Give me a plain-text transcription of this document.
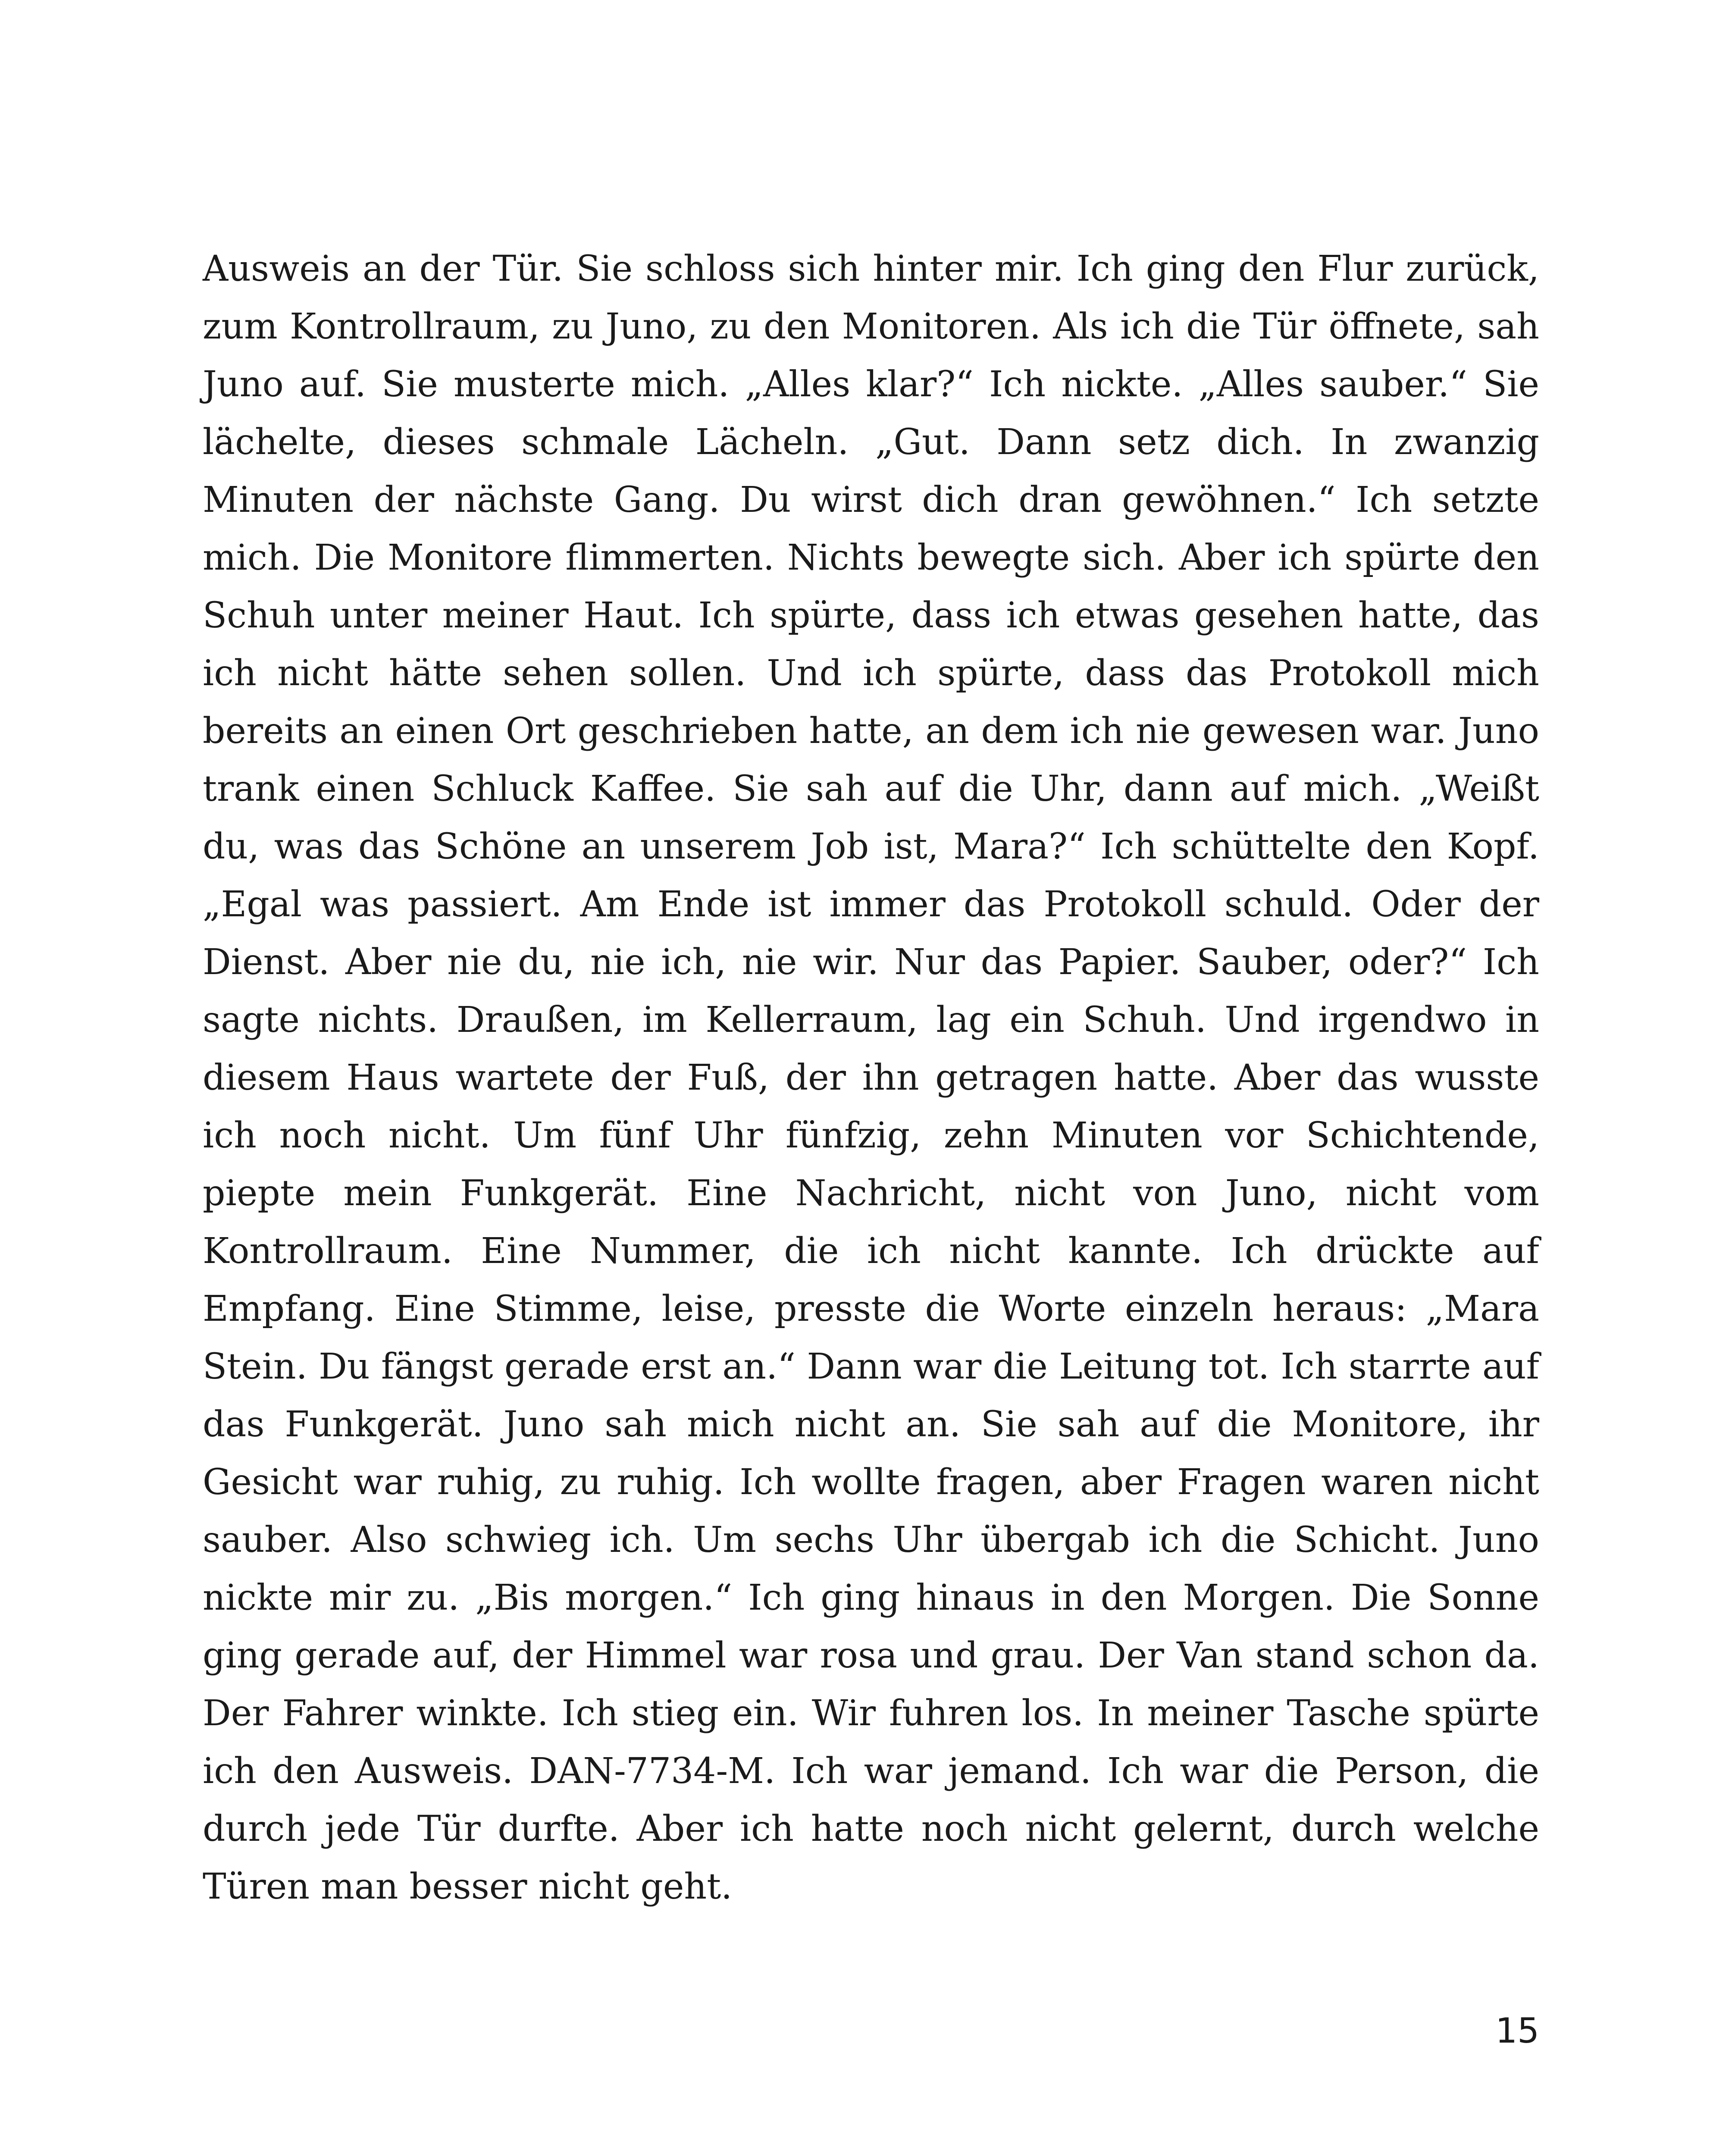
Ausweis an der Tür. Sie schloss sich hinter mir. Ich ging den Flur zurück, zum Kontrollraum, zu Juno, zu den Monitoren. Als ich die Tür öffnete, sah Juno auf. Sie musterte mich. „Alles klar?“ Ich nickte. „Alles sauber.“ Sie lächelte, dieses schmale Lächeln. „Gut. Dann setz dich. In zwanzig Minuten der nächste Gang. Du wirst dich dran gewöhnen.“ Ich setzte mich. Die Monitore flimmerten. Nichts bewegte sich. Aber ich spürte den Schuh unter meiner Haut. Ich spürte, dass ich etwas gesehen hatte, das ich nicht hätte sehen sollen. Und ich spürte, dass das Protokoll mich bereits an einen Ort geschrieben hatte, an dem ich nie gewesen war. Juno trank einen Schluck Kaffee. Sie sah auf die Uhr, dann auf mich. „Weißt du, was das Schöne an unserem Job ist, Mara?“ Ich schüttelte den Kopf. „Egal was passiert. Am Ende ist immer das Protokoll schuld. Oder der Dienst. Aber nie du, nie ich, nie wir. Nur das Papier. Sauber, oder?“ Ich sagte nichts. Draußen, im Kellerraum, lag ein Schuh. Und irgendwo in diesem Haus wartete der Fuß, der ihn getragen hatte. Aber das wusste ich noch nicht. Um fünf Uhr fünfzig, zehn Minuten vor Schichtende, piepte mein Funkgerät. Eine Nachricht, nicht von Juno, nicht vom Kontrollraum. Eine Nummer, die ich nicht kannte. Ich drückte auf Empfang. Eine Stimme, leise, presste die Worte einzeln heraus: „Mara Stein. Du fängst gerade erst an.“ Dann war die Leitung tot. Ich starrte auf das Funkgerät. Juno sah mich nicht an. Sie sah auf die Monitore, ihr Gesicht war ruhig, zu ruhig. Ich wollte fragen, aber Fragen waren nicht sauber. Also schwieg ich. Um sechs Uhr übergab ich die Schicht. Juno nickte mir zu. „Bis morgen.“ Ich ging hinaus in den Morgen. Die Sonne ging gerade auf, der Himmel war rosa und grau. Der Van stand schon da. Der Fahrer winkte. Ich stieg ein. Wir fuhren los. In meiner Tasche spürte ich den Ausweis. DAN-7734-M. Ich war jemand. Ich war die Person, die durch jede Tür durfte. Aber ich hatte noch nicht gelernt, durch welche Türen man besser nicht geht.

15
